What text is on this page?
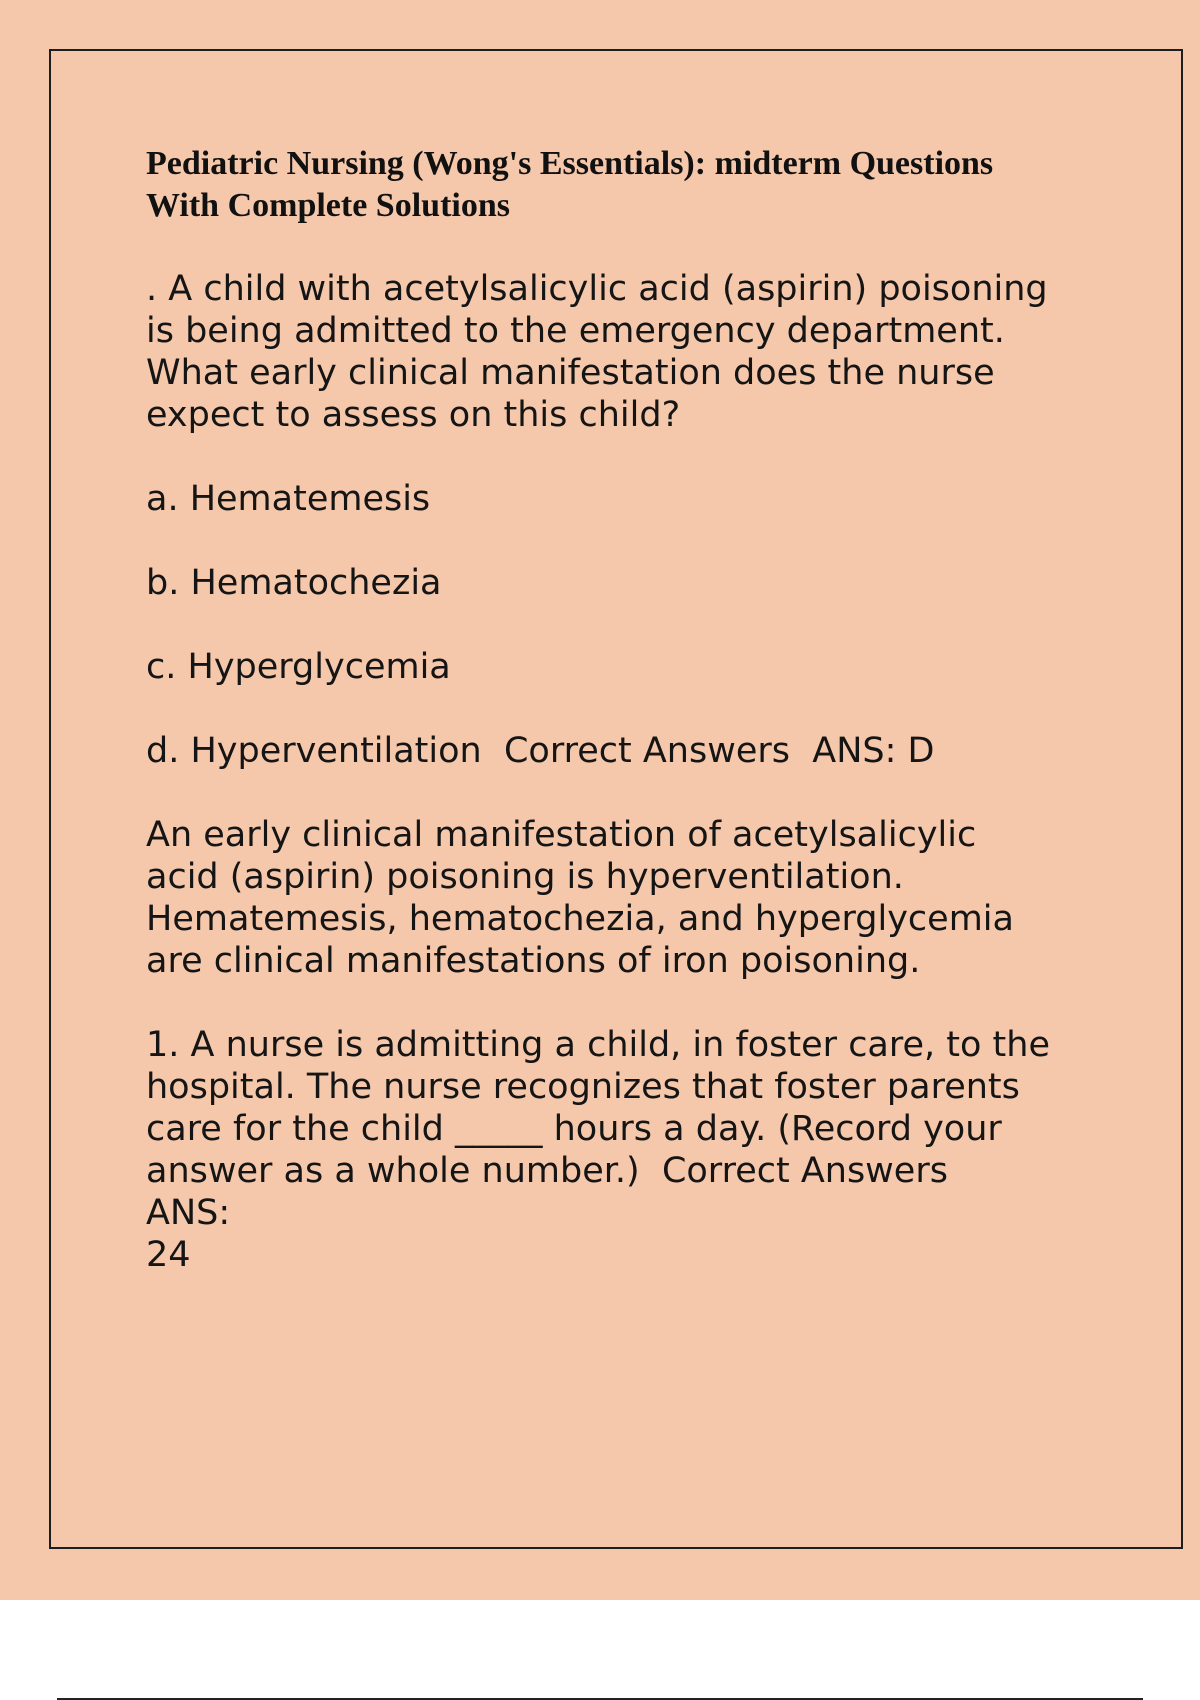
Pediatric Nursing (Wong's Essentials): midterm Questions
With Complete Solutions

. A child with acetylsalicylic acid (aspirin) poisoning
is being admitted to the emergency department.
What early clinical manifestation does the nurse
expect to assess on this child?

a. Hematemesis

b. Hematochezia

c. Hyperglycemia

d. Hyperventilation  Correct Answers  ANS: D

An early clinical manifestation of acetylsalicylic
acid (aspirin) poisoning is hyperventilation.
Hematemesis, hematochezia, and hyperglycemia
are clinical manifestations of iron poisoning.

1. A nurse is admitting a child, in foster care, to the
hospital. The nurse recognizes that foster parents
care for the child _____ hours a day. (Record your
answer as a whole number.)  Correct Answers
ANS:
24
